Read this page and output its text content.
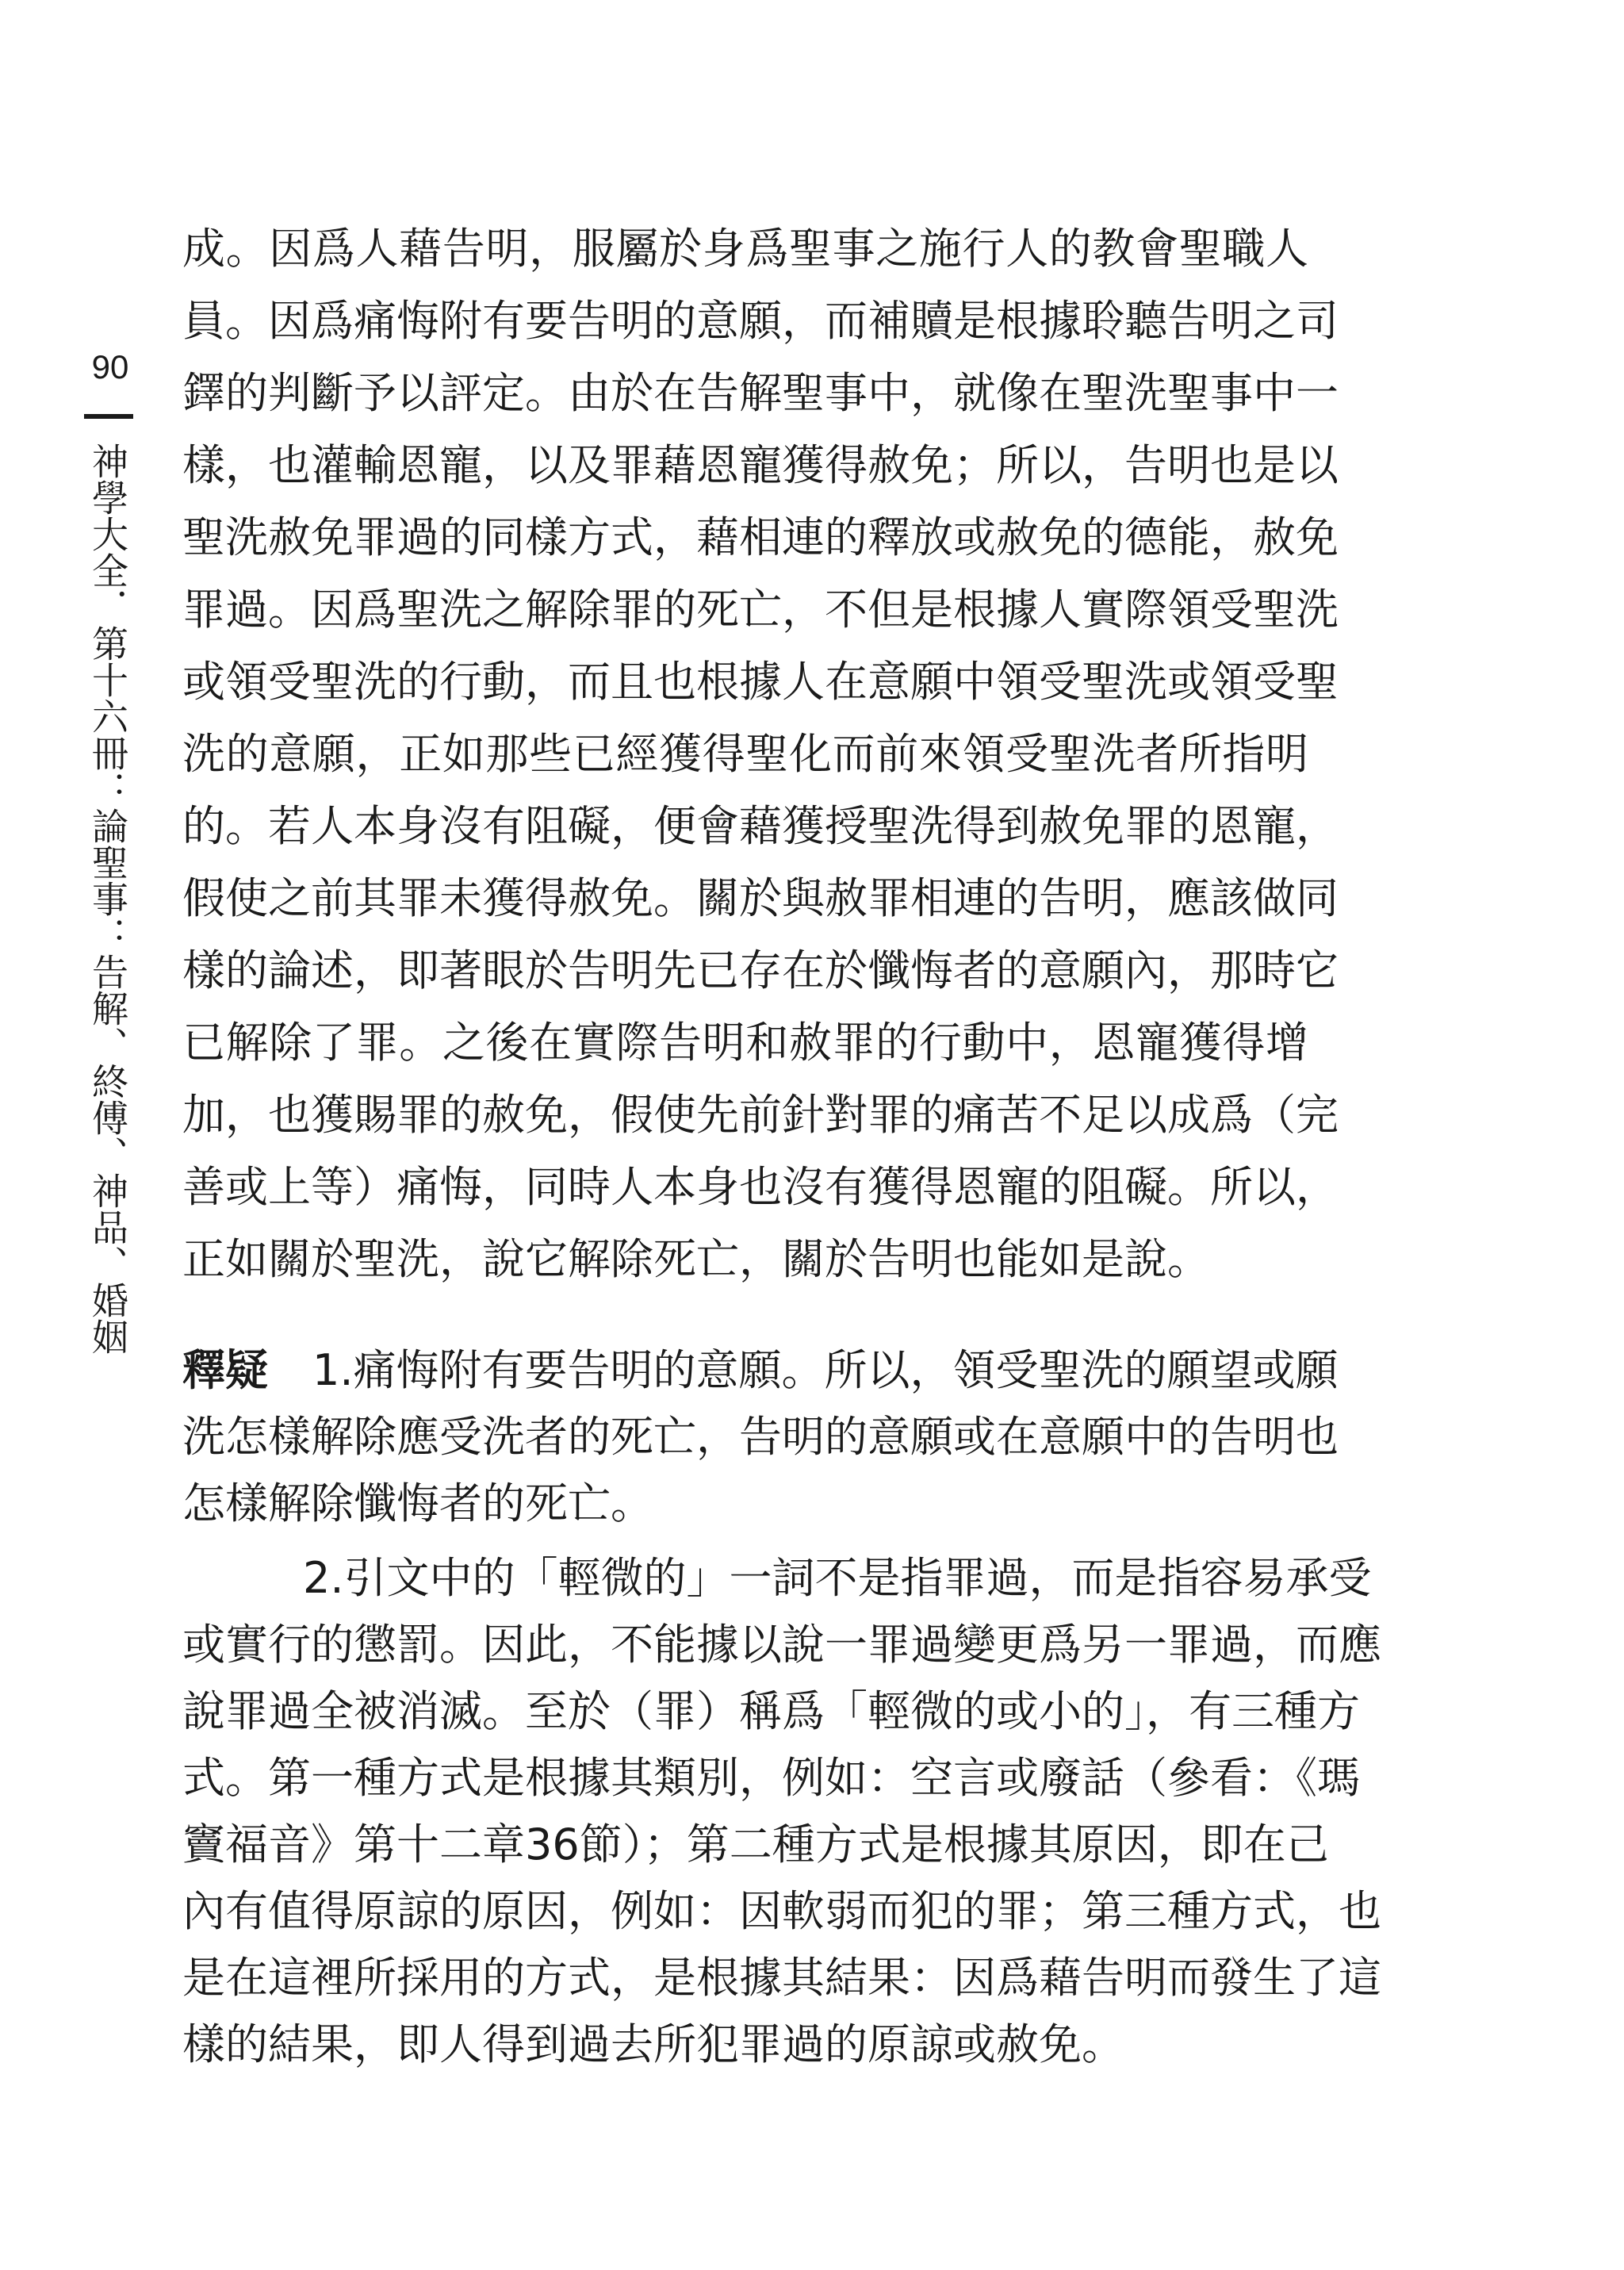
90
神學大全．第十六冊：論聖事：告解、終傅、神品、婚姻
成。因爲人藉告明，服屬於身爲聖事之施行人的教會聖職人
員。因爲痛悔附有要告明的意願，而補贖是根據聆聽告明之司
鐸的判斷予以評定。由於在告解聖事中，就像在聖洗聖事中一
樣，也灌輸恩寵，以及罪藉恩寵獲得赦免；所以，告明也是以
聖洗赦免罪過的同樣方式，藉相連的釋放或赦免的德能，赦免
罪過。因爲聖洗之解除罪的死亡，不但是根據人實際領受聖洗
或領受聖洗的行動，而且也根據人在意願中領受聖洗或領受聖
洗的意願，正如那些已經獲得聖化而前來領受聖洗者所指明
的。若人本身沒有阻礙，便會藉獲授聖洗得到赦免罪的恩寵，
假使之前其罪未獲得赦免。關於與赦罪相連的告明，應該做同
樣的論述，即著眼於告明先已存在於懺悔者的意願內，那時它
已解除了罪。之後在實際告明和赦罪的行動中，恩寵獲得增
加，也獲賜罪的赦免，假使先前針對罪的痛苦不足以成爲（完
善或上等）痛悔，同時人本身也沒有獲得恩寵的阻礙。所以，
正如關於聖洗，說它解除死亡，關於告明也能如是說。
釋疑 1.痛悔附有要告明的意願。所以，領受聖洗的願望或願
洗怎樣解除應受洗者的死亡，告明的意願或在意願中的告明也
怎樣解除懺悔者的死亡。
2.引文中的「輕微的」一詞不是指罪過，而是指容易承受
或實行的懲罰。因此，不能據以說一罪過變更爲另一罪過，而應
說罪過全被消滅。至於（罪）稱爲「輕微的或小的」，有三種方
式。第一種方式是根據其類別，例如：空言或廢話（參看：《瑪
竇福音》第十二章36節）；第二種方式是根據其原因，即在己
內有值得原諒的原因，例如：因軟弱而犯的罪；第三種方式，也
是在這裡所採用的方式，是根據其結果：因爲藉告明而發生了這
樣的結果，即人得到過去所犯罪過的原諒或赦免。
